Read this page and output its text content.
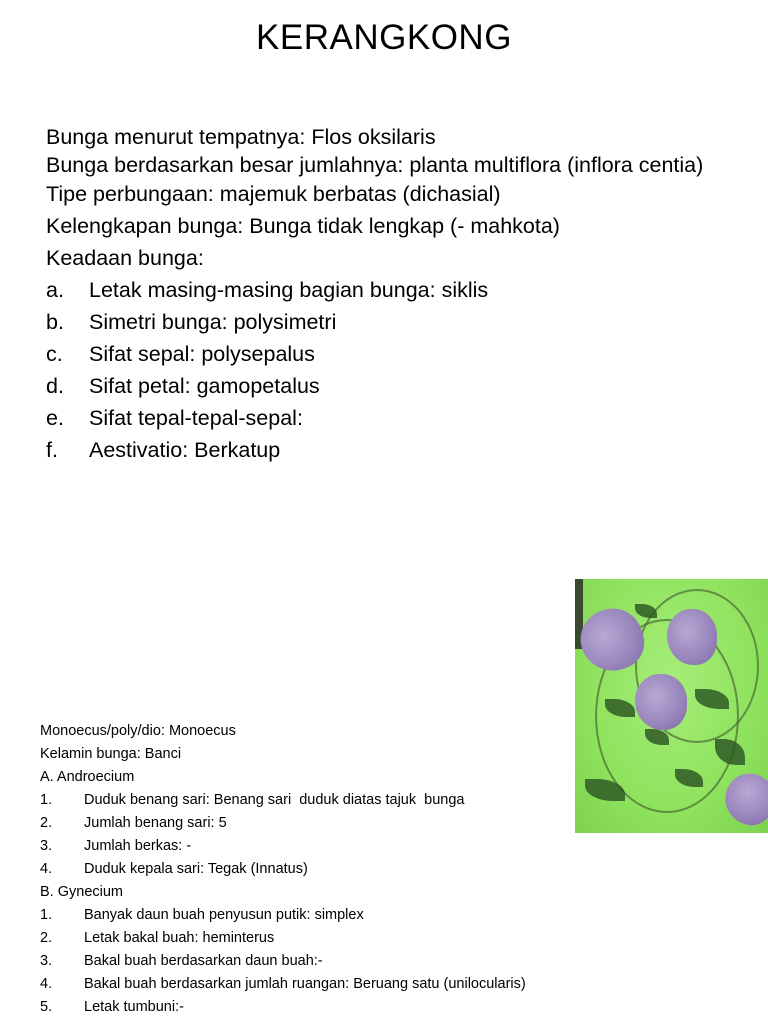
KERANGKONG

Bunga menurut tempatnya: Flos oksilaris

Bunga berdasarkan besar jumlahnya: planta multiflora (inflora centia)

Tipe perbungaan: majemuk berbatas (dichasial)

Kelengkapan bunga: Bunga tidak lengkap (- mahkota)

Keadaan bunga:

a.	Letak masing-masing bagian bunga: siklis
b.	Simetri bunga: polysimetri
c.	Sifat sepal: polysepalus
d.	Sifat petal: gamopetalus
e.	Sifat tepal-tepal-sepal:
f.	Aestivatio: Berkatup
Monoecus/poly/dio: Monoecus
Kelamin bunga: Banci
A. Androecium
1.	Duduk benang sari: Benang sari  duduk diatas tajuk  bunga
2.	Jumlah benang sari: 5
3.	Jumlah berkas: -
4.	Duduk kepala sari: Tegak (Innatus)
B. Gynecium
1.	Banyak daun buah penyusun putik: simplex
2.	Letak bakal buah: heminterus
3.	Bakal buah berdasarkan daun buah:-
4.	Bakal buah berdasarkan jumlah ruangan: Beruang satu (unilocularis)
5.	Letak tumbuni:-
